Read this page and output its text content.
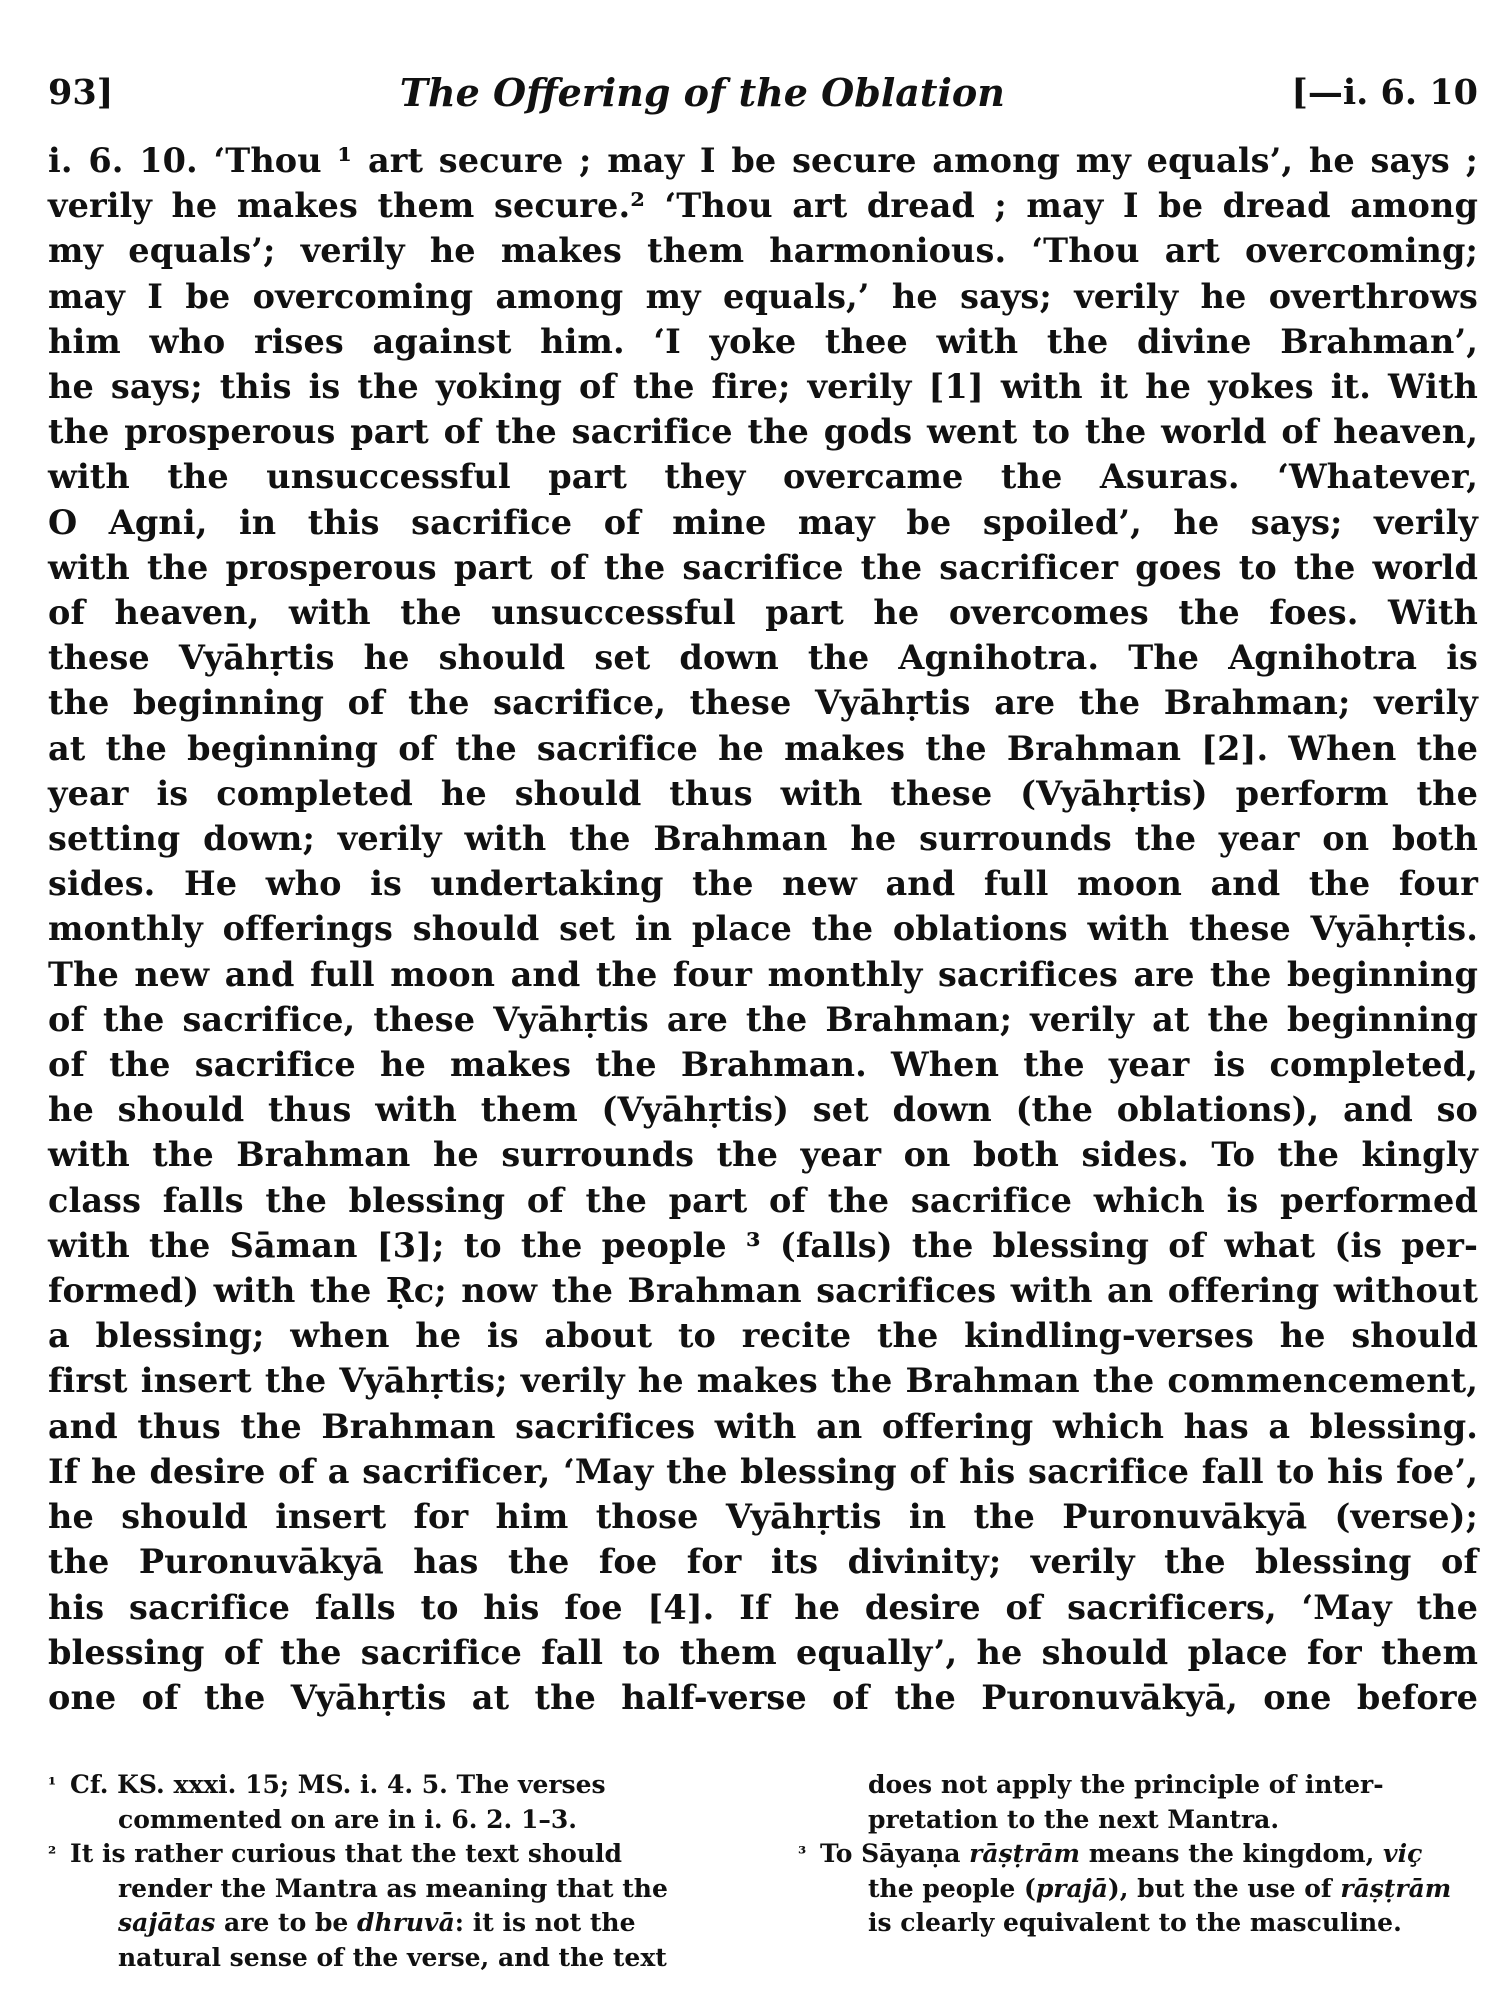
93]	The Offering of the Oblation	[—i. 6. 10
i. 6. 10. ‘Thou ¹ art secure ; may I be secure among my equals’, he says ;
verily he makes them secure.² ‘Thou art dread ; may I be dread among
my equals’; verily he makes them harmonious. ‘Thou art overcoming;
may I be overcoming among my equals,’ he says; verily he overthrows
him who rises against him. ‘I yoke thee with the divine Brahman’,
he says; this is the yoking of the fire; verily [1] with it he yokes it. With
the prosperous part of the sacrifice the gods went to the world of heaven,
with the unsuccessful part they overcame the Asuras. ‘Whatever,
O Agni, in this sacrifice of mine may be spoiled’, he says; verily
with the prosperous part of the sacrifice the sacrificer goes to the world
of heaven, with the unsuccessful part he overcomes the foes. With
these Vyāhṛtis he should set down the Agnihotra. The Agnihotra is
the beginning of the sacrifice, these Vyāhṛtis are the Brahman; verily
at the beginning of the sacrifice he makes the Brahman [2]. When the
year is completed he should thus with these (Vyāhṛtis) perform the
setting down; verily with the Brahman he surrounds the year on both
sides. He who is undertaking the new and full moon and the four
monthly offerings should set in place the oblations with these Vyāhṛtis.
The new and full moon and the four monthly sacrifices are the beginning
of the sacrifice, these Vyāhṛtis are the Brahman; verily at the beginning
of the sacrifice he makes the Brahman. When the year is completed,
he should thus with them (Vyāhṛtis) set down (the oblations), and so
with the Brahman he surrounds the year on both sides. To the kingly
class falls the blessing of the part of the sacrifice which is performed
with the Sāman [3]; to the people ³ (falls) the blessing of what (is per-
formed) with the Ṛc; now the Brahman sacrifices with an offering without
a blessing; when he is about to recite the kindling-verses he should
first insert the Vyāhṛtis; verily he makes the Brahman the commencement,
and thus the Brahman sacrifices with an offering which has a blessing.
If he desire of a sacrificer, ‘May the blessing of his sacrifice fall to his foe’,
he should insert for him those Vyāhṛtis in the Puronuvākyā (verse);
the Puronuvākyā has the foe for its divinity; verily the blessing of
his sacrifice falls to his foe [4]. If he desire of sacrificers, ‘May the
blessing of the sacrifice fall to them equally’, he should place for them
one of the Vyāhṛtis at the half-verse of the Puronuvākyā, one before
¹ Cf. KS. xxxi. 15; MS. i. 4. 5. The verses
commented on are in i. 6. 2. 1–3.
² It is rather curious that the text should
render the Mantra as meaning that the
sajātas are to be dhruvā: it is not the
natural sense of the verse, and the text
does not apply the principle of inter- pretation to the next Mantra.
³ To Sāyaṇa rāṣṭrām means the kingdom, viç
the people (prajā), but the use of rāṣṭrām
is clearly equivalent to the masculine.
